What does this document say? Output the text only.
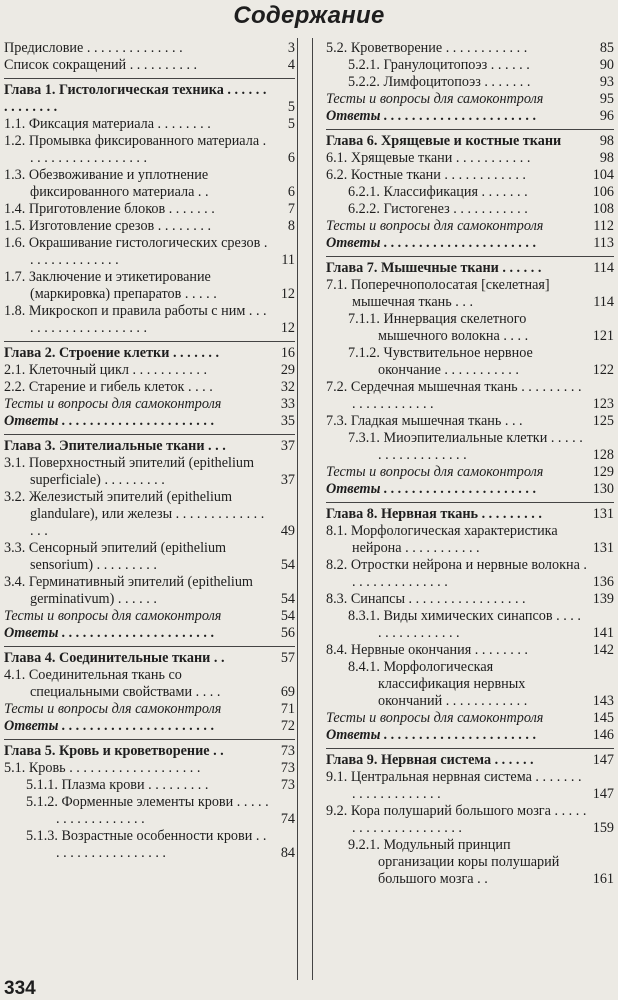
Содержание
Предисловие . . . . . . . . . . . . . .	3
Список сокращений . . . . . . . . . .	4
Глава 1. Гистологическая техника . . . . . . . . . . . . . .	5
1.1. Фиксация материала . . . . . . . .	5
1.2. Промывка фиксированного материала . . . . . . . . . . . . . . . . . .	6
1.3. Обезвоживание и уплотнение фиксированного материала . .	6
1.4. Приготовление блоков . . . . . . .	7
1.5. Изготовление срезов . . . . . . . .	8
1.6. Окрашивание гистологических срезов . . . . . . . . . . . . . .	11
1.7. Заключение и этикетирование (маркировка) препаратов . . . . .	12
1.8. Микроскоп и правила работы с ним . . . . . . . . . . . . . . . . . . . .	12
Глава 2. Строение клетки . . . . . . .	16
2.1. Клеточный цикл . . . . . . . . . . .	29
2.2. Старение и гибель клеток . . . .	32
Тесты и вопросы для самоконтроля	33
Ответы . . . . . . . . . . . . . . . . . . . . . .	35
Глава 3. Эпителиальные ткани . . .	37
3.1. Поверхностный эпителий (epithelium superficiale) . . . . . . . . .	37
3.2. Железистый эпителий (epithelium glandulare), или железы . . . . . . . . . . . . . . . .	49
3.3. Сенсорный эпителий (epithelium sensorium) . . . . . . . . .	54
3.4. Герминативный эпителий (epithelium germinativum) . . . . . .	54
Тесты и вопросы для самоконтроля	54
Ответы . . . . . . . . . . . . . . . . . . . . . .	56
Глава 4. Соединительные ткани . .	57
4.1. Соединительная ткань со специальными свойствами . . . .	69
Тесты и вопросы для самоконтроля	71
Ответы . . . . . . . . . . . . . . . . . . . . . .	72
Глава 5. Кровь и кроветворение . .	73
5.1. Кровь . . . . . . . . . . . . . . . . . . .	73
5.1.1. Плазма крови . . . . . . . . .	73
5.1.2. Форменные элементы крови . . . . . . . . . . . . . . . . . .	74
5.1.3. Возрастные особенности крови . . . . . . . . . . . . . . . . . .	84
5.2. Кроветворение . . . . . . . . . . . .	85
5.2.1. Гранулоцитопоэз . . . . . .	90
5.2.2. Лимфоцитопоэз . . . . . . .	93
Тесты и вопросы для самоконтроля	95
Ответы . . . . . . . . . . . . . . . . . . . . . .	96
Глава 6. Хрящевые и костные ткани	98
6.1. Хрящевые ткани . . . . . . . . . . .	98
6.2. Костные ткани . . . . . . . . . . . .	104
6.2.1. Классификация . . . . . . .	106
6.2.2. Гистогенез . . . . . . . . . . .	108
Тесты и вопросы для самоконтроля	112
Ответы . . . . . . . . . . . . . . . . . . . . . .	113
Глава 7. Мышечные ткани . . . . . .	114
7.1. Поперечнополосатая [скелетная] мышечная ткань . . .	114
7.1.1. Иннервация скелетного мышечного волокна . . . .	121
7.1.2. Чувствительное нервное окончание . . . . . . . . . . .	122
7.2. Сердечная мышечная ткань . . . . . . . . . . . . . . . . . . . . .	123
7.3. Гладкая мышечная ткань . . .	125
7.3.1. Миоэпителиальные клетки . . . . . . . . . . . . . . . . . .	128
Тесты и вопросы для самоконтроля	129
Ответы . . . . . . . . . . . . . . . . . . . . . .	130
Глава 8. Нервная ткань . . . . . . . . .	131
8.1. Морфологическая характеристика нейрона . . . . . . . . . . .	131
8.2. Отростки нейрона и нервные волокна . . . . . . . . . . . . . . .	136
8.3. Синапсы . . . . . . . . . . . . . . . . .	139
8.3.1. Виды химических синапсов . . . . . . . . . . . . . . . .	141
8.4. Нервные окончания . . . . . . . .	142
8.4.1. Морфологическая классификация нервных окончаний . . . . . . . . . . . .	143
Тесты и вопросы для самоконтроля	145
Ответы . . . . . . . . . . . . . . . . . . . . . .	146
Глава 9. Нервная система . . . . . .	147
9.1. Центральная нервная система . . . . . . . . . . . . . . . . . . . .	147
9.2. Кора полушарий большого мозга . . . . . . . . . . . . . . . . . . . . .	159
9.2.1. Модульный принцип организации коры полушарий большого мозга . .	161
334
